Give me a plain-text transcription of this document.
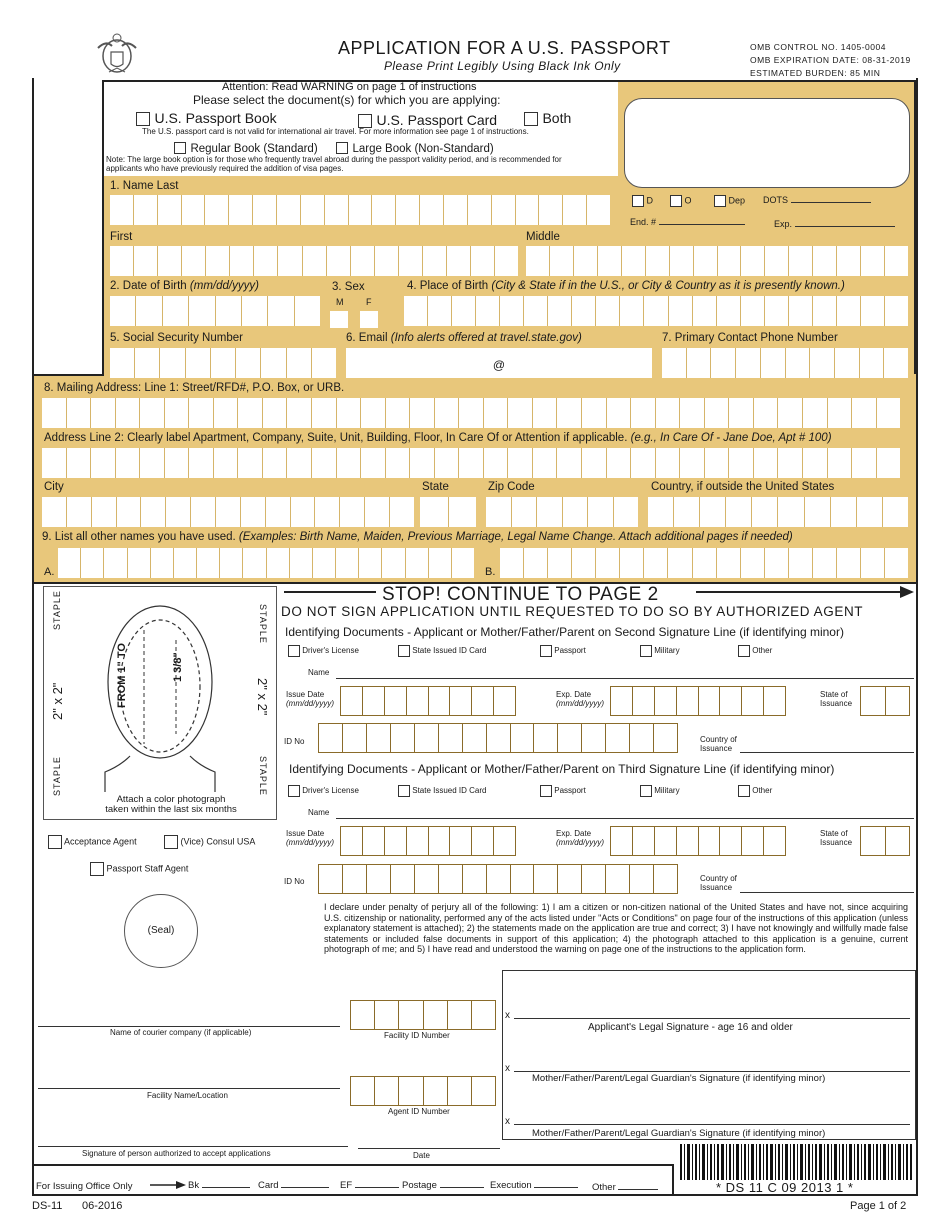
APPLICATION FOR A U.S. PASSPORT
Please Print Legibly Using Black Ink Only
OMB CONTROL NO. 1405-0004
OMB EXPIRATION DATE: 08-31-2019
ESTIMATED BURDEN: 85 MIN
Attention: Read WARNING on page 1 of instructions
Please select the document(s) for which you are applying:
U.S. Passport Book	U.S. Passport Card	Both
The U.S. passport card is not valid for international air travel. For more information see page 1 of instructions.
Regular Book (Standard)	Large Book (Non-Standard)
Note: The large book option is for those who frequently travel abroad during the passport validity period, and is recommended for applicants who have previously required the addition of visa pages.
D	O	Dep DOTS
End. #	Exp.
1. Name Last
First	Middle
2. Date of Birth (mm/dd/yyyy)	3. Sex
M	F
4. Place of Birth (City & State if in the U.S., or City & Country as it is presently known.)
5. Social Security Number	6. Email (Info alerts offered at travel.state.gov)
$_@$
7. Primary Contact Phone Number
8. Mailing Address: Line 1: Street/RFD#, P.O. Box, or URB.
Address Line 2: Clearly label Apartment, Company, Suite, Unit, Building, Floor, In Care Of or Attention if applicable. (e.g., In Care Of - Jane Doe, Apt # 100)
City	State	Zip Code	Country, if outside the United States
9. List all other names you have used. (Examples: Birth Name, Maiden, Previous Marriage, Legal Name Change. Attach additional pages if needed)
A.	B.
STAPLE	STAPLE
STAPLE	STAPLE
2" x 2"	2" x 2"
FROM 1" TO	1 3/8"
Attach a color photograph
taken within the last six months
STOP! CONTINUE TO PAGE 2
DO NOT SIGN APPLICATION UNTIL REQUESTED TO DO SO BY AUTHORIZED AGENT
Identifying Documents - Applicant or Mother/Father/Parent on Second Signature Line (if identifying minor)
Driver's License	State Issued ID Card	Passport	Military	Other
Name
Issue Date
(mm/dd/yyyy)
Exp. Date
(mm/dd/yyyy)
State of
Issuance
ID No	Country of
Issuance
Identifying Documents - Applicant or Mother/Father/Parent on Third Signature Line (if identifying minor)
Driver's License	State Issued ID Card	Passport	Military	Other
Name
Issue Date
(mm/dd/yyyy)
Exp. Date
(mm/dd/yyyy)
State of
Issuance
ID No	Country of
Issuance
Acceptance Agent	(Vice) Consul USA
Passport Staff Agent
(Seal)
I declare under penalty of perjury all of the following: 1) I am a citizen or non-citizen national of the United States and have not, since acquiring U.S. citizenship or nationality, performed any of the acts listed under "Acts or Conditions" on page four of the instructions of this application (unless explanatory statement is attached); 2) the statements made on the application are true and correct; 3) I have not knowingly and willfully made false statements or included false documents in support of this application; 4) the photograph attached to this application is a genuine, current photograph of me; and 5) I have read and understood the warning on page one of the instructions to the application form.
x
Applicant's Legal Signature - age 16 and older
x
Mother/Father/Parent/Legal Guardian's Signature (if identifying minor)
x
Mother/Father/Parent/Legal Guardian's Signature (if identifying minor)
Name of courier company (if applicable)	Facility ID Number
Facility Name/Location
Agent ID Number
Signature of person authorized to accept applications	Date
For Issuing Office Only	Bk	Card	EF	Postage	Execution	Other	* DS 11 C 09 2013 1 *
DS-11 06-2016	Page 1 of 2
